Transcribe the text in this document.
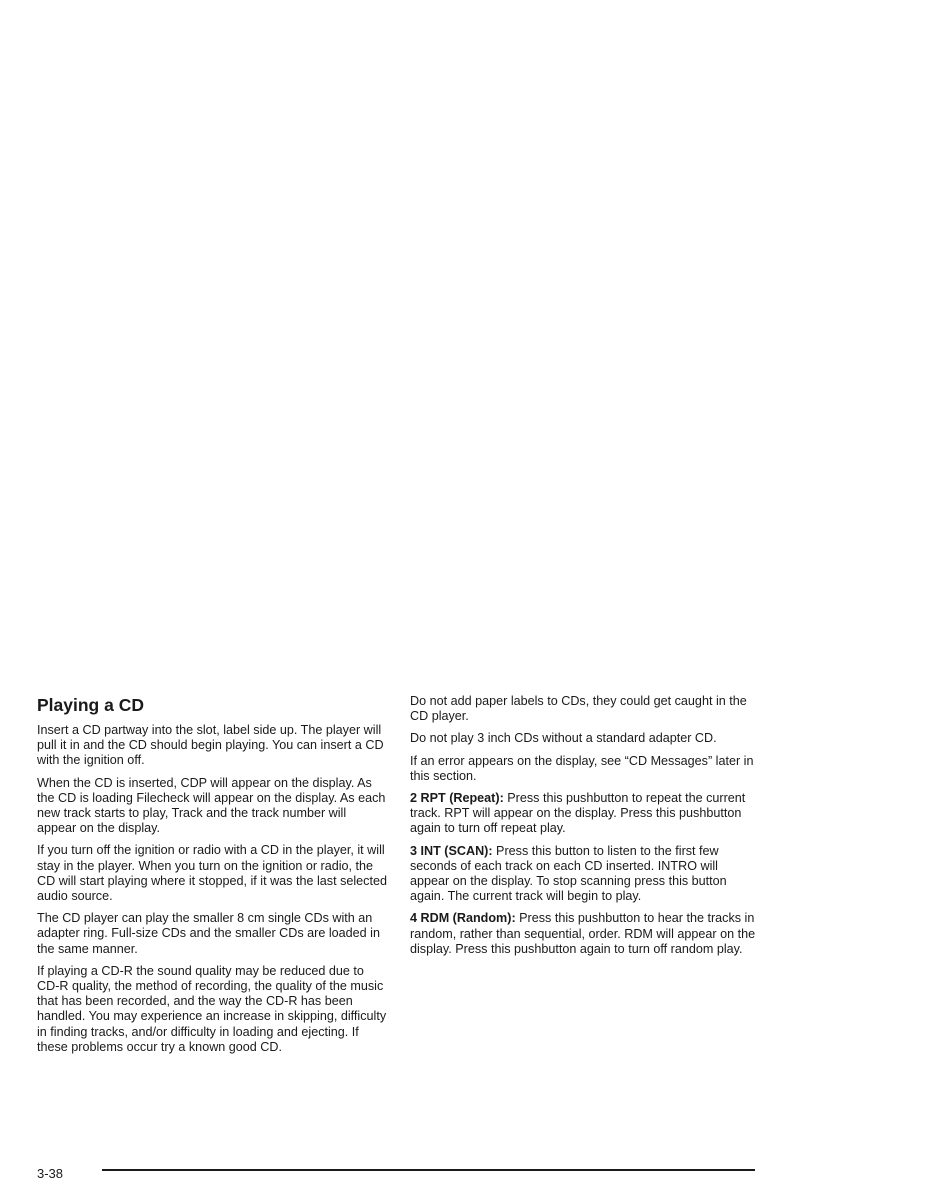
Playing a CD

Insert a CD partway into the slot, label side up. The player will pull it in and the CD should begin playing. You can insert a CD with the ignition off.

When the CD is inserted, CDP will appear on the display. As the CD is loading Filecheck will appear on the display. As each new track starts to play, Track and the track number will appear on the display.

If you turn off the ignition or radio with a CD in the player, it will stay in the player. When you turn on the ignition or radio, the CD will start playing where it stopped, if it was the last selected audio source.

The CD player can play the smaller 8 cm single CDs with an adapter ring. Full-size CDs and the smaller CDs are loaded in the same manner.

If playing a CD-R the sound quality may be reduced due to CD-R quality, the method of recording, the quality of the music that has been recorded, and the way the CD-R has been handled. You may experience an increase in skipping, difficulty in finding tracks, and/or difficulty in loading and ejecting. If these problems occur try a known good CD.

Do not add paper labels to CDs, they could get caught in the CD player.

Do not play 3 inch CDs without a standard adapter CD.

If an error appears on the display, see “CD Messages” later in this section.

2 RPT (Repeat): Press this pushbutton to repeat the current track. RPT will appear on the display. Press this pushbutton again to turn off repeat play.

3 INT (SCAN): Press this button to listen to the first few seconds of each track on each CD inserted. INTRO will appear on the display. To stop scanning press this button again. The current track will begin to play.

4 RDM (Random): Press this pushbutton to hear the tracks in random, rather than sequential, order. RDM will appear on the display. Press this pushbutton again to turn off random play.

3-38
